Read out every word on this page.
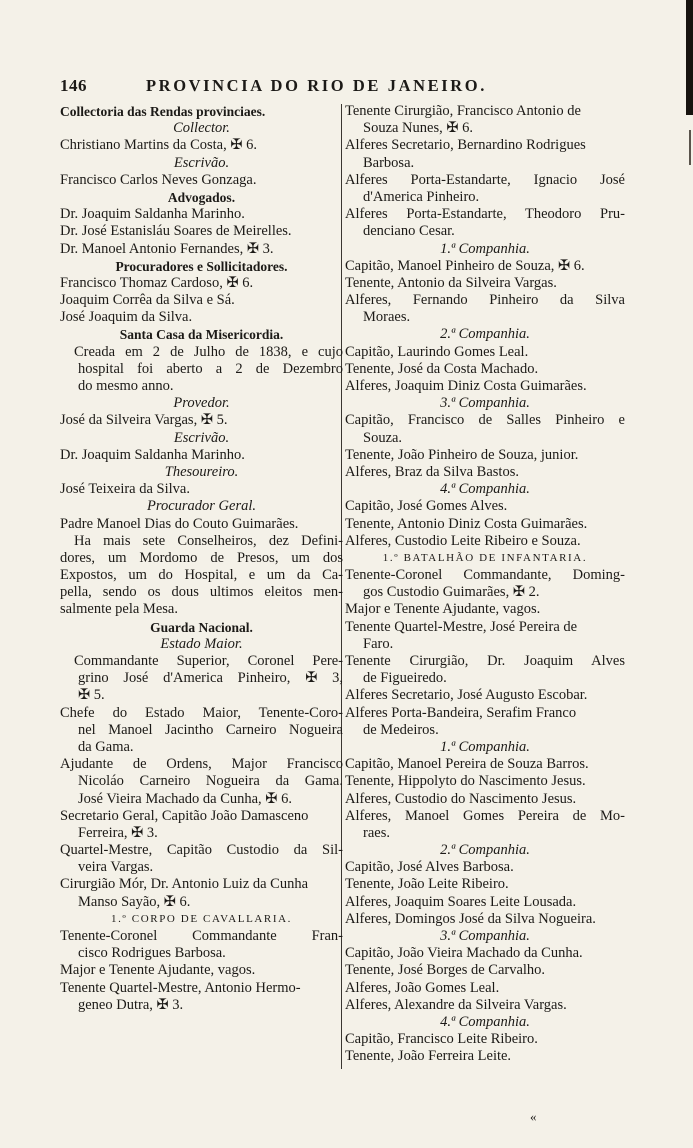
146	PROVINCIA DO RIO DE JANEIRO.
Collectoria das Rendas provinciaes.
Collector.
Christiano Martins da Costa, ✠ 6.
Escrivão.
Francisco Carlos Neves Gonzaga.
Advogados.
Dr. Joaquim Saldanha Marinho.
Dr. José Estanisláu Soares de Meirelles.
Dr. Manoel Antonio Fernandes, ✠ 3.
Procuradores e Sollicitadores.
Francisco Thomaz Cardoso, ✠ 6.
Joaquim Corrêa da Silva e Sá.
José Joaquim da Silva.
Santa Casa da Misericordia.
Creada em 2 de Julho de 1838, e cujo
hospital foi aberto a 2 de Dezembro
do mesmo anno.
Provedor.
José da Silveira Vargas, ✠ 5.
Escrivão.
Dr. Joaquim Saldanha Marinho.
Thesoureiro.
José Teixeira da Silva.
Procurador Geral.
Padre Manoel Dias do Couto Guimarães.
Ha mais sete Conselheiros, dez Defini-
dores, um Mordomo de Presos, um dos
Expostos, um do Hospital, e um da Ca-
pella, sendo os dous ultimos eleitos men-
salmente pela Mesa.
Guarda Nacional.
Estado Maior.
Commandante Superior, Coronel Pere-
grino José d'America Pinheiro, ✠ 3,
✠ 5.
Chefe do Estado Maior, Tenente-Coro-
nel Manoel Jacintho Carneiro Nogueira
da Gama.
Ajudante de Ordens, Major Francisco
Nicoláo Carneiro Nogueira da Gama.
José Vieira Machado da Cunha, ✠ 6.
Secretario Geral, Capitão João Damasceno
Ferreira, ✠ 3.
Quartel-Mestre, Capitão Custodio da Sil-
veira Vargas.
Cirurgião Mór, Dr. Antonio Luiz da Cunha
Manso Sayão, ✠ 6.
1.º CORPO DE CAVALLARIA.
Tenente-Coronel Commandante Fran-
cisco Rodrigues Barbosa.
Major e Tenente Ajudante, vagos.
Tenente Quartel-Mestre, Antonio Hermo-
geneo Dutra, ✠ 3.
Tenente Cirurgião, Francisco Antonio de
Souza Nunes, ✠ 6.
Alferes Secretario, Bernardino Rodrigues
Barbosa.
Alferes Porta-Estandarte, Ignacio José
d'America Pinheiro.
Alferes Porta-Estandarte, Theodoro Pru-
denciano Cesar.
1.ª Companhia.
Capitão, Manoel Pinheiro de Souza, ✠ 6.
Tenente, Antonio da Silveira Vargas.
Alferes, Fernando Pinheiro da Silva
Moraes.
2.ª Companhia.
Capitão, Laurindo Gomes Leal.
Tenente, José da Costa Machado.
Alferes, Joaquim Diniz Costa Guimarães.
3.ª Companhia.
Capitão, Francisco de Salles Pinheiro e
Souza.
Tenente, João Pinheiro de Souza, junior.
Alferes, Braz da Silva Bastos.
4.ª Companhia.
Capitão, José Gomes Alves.
Tenente, Antonio Diniz Costa Guimarães.
Alferes, Custodio Leite Ribeiro e Souza.
1.º BATALHÃO DE INFANTARIA.
Tenente-Coronel Commandante, Doming-
gos Custodio Guimarães, ✠ 2.
Major e Tenente Ajudante, vagos.
Tenente Quartel-Mestre, José Pereira de
Faro.
Tenente Cirurgião, Dr. Joaquim Alves
de Figueiredo.
Alferes Secretario, José Augusto Escobar.
Alferes Porta-Bandeira, Serafim Franco
de Medeiros.
1.ª Companhia.
Capitão, Manoel Pereira de Souza Barros.
Tenente, Hippolyto do Nascimento Jesus.
Alferes, Custodio do Nascimento Jesus.
Alferes, Manoel Gomes Pereira de Mo-
raes.
2.ª Companhia.
Capitão, José Alves Barbosa.
Tenente, João Leite Ribeiro.
Alferes, Joaquim Soares Leite Lousada.
Alferes, Domingos José da Silva Nogueira.
3.ª Companhia.
Capitão, João Vieira Machado da Cunha.
Tenente, José Borges de Carvalho.
Alferes, João Gomes Leal.
Alferes, Alexandre da Silveira Vargas.
4.ª Companhia.
Capitão, Francisco Leite Ribeiro.
Tenente, João Ferreira Leite.
«
